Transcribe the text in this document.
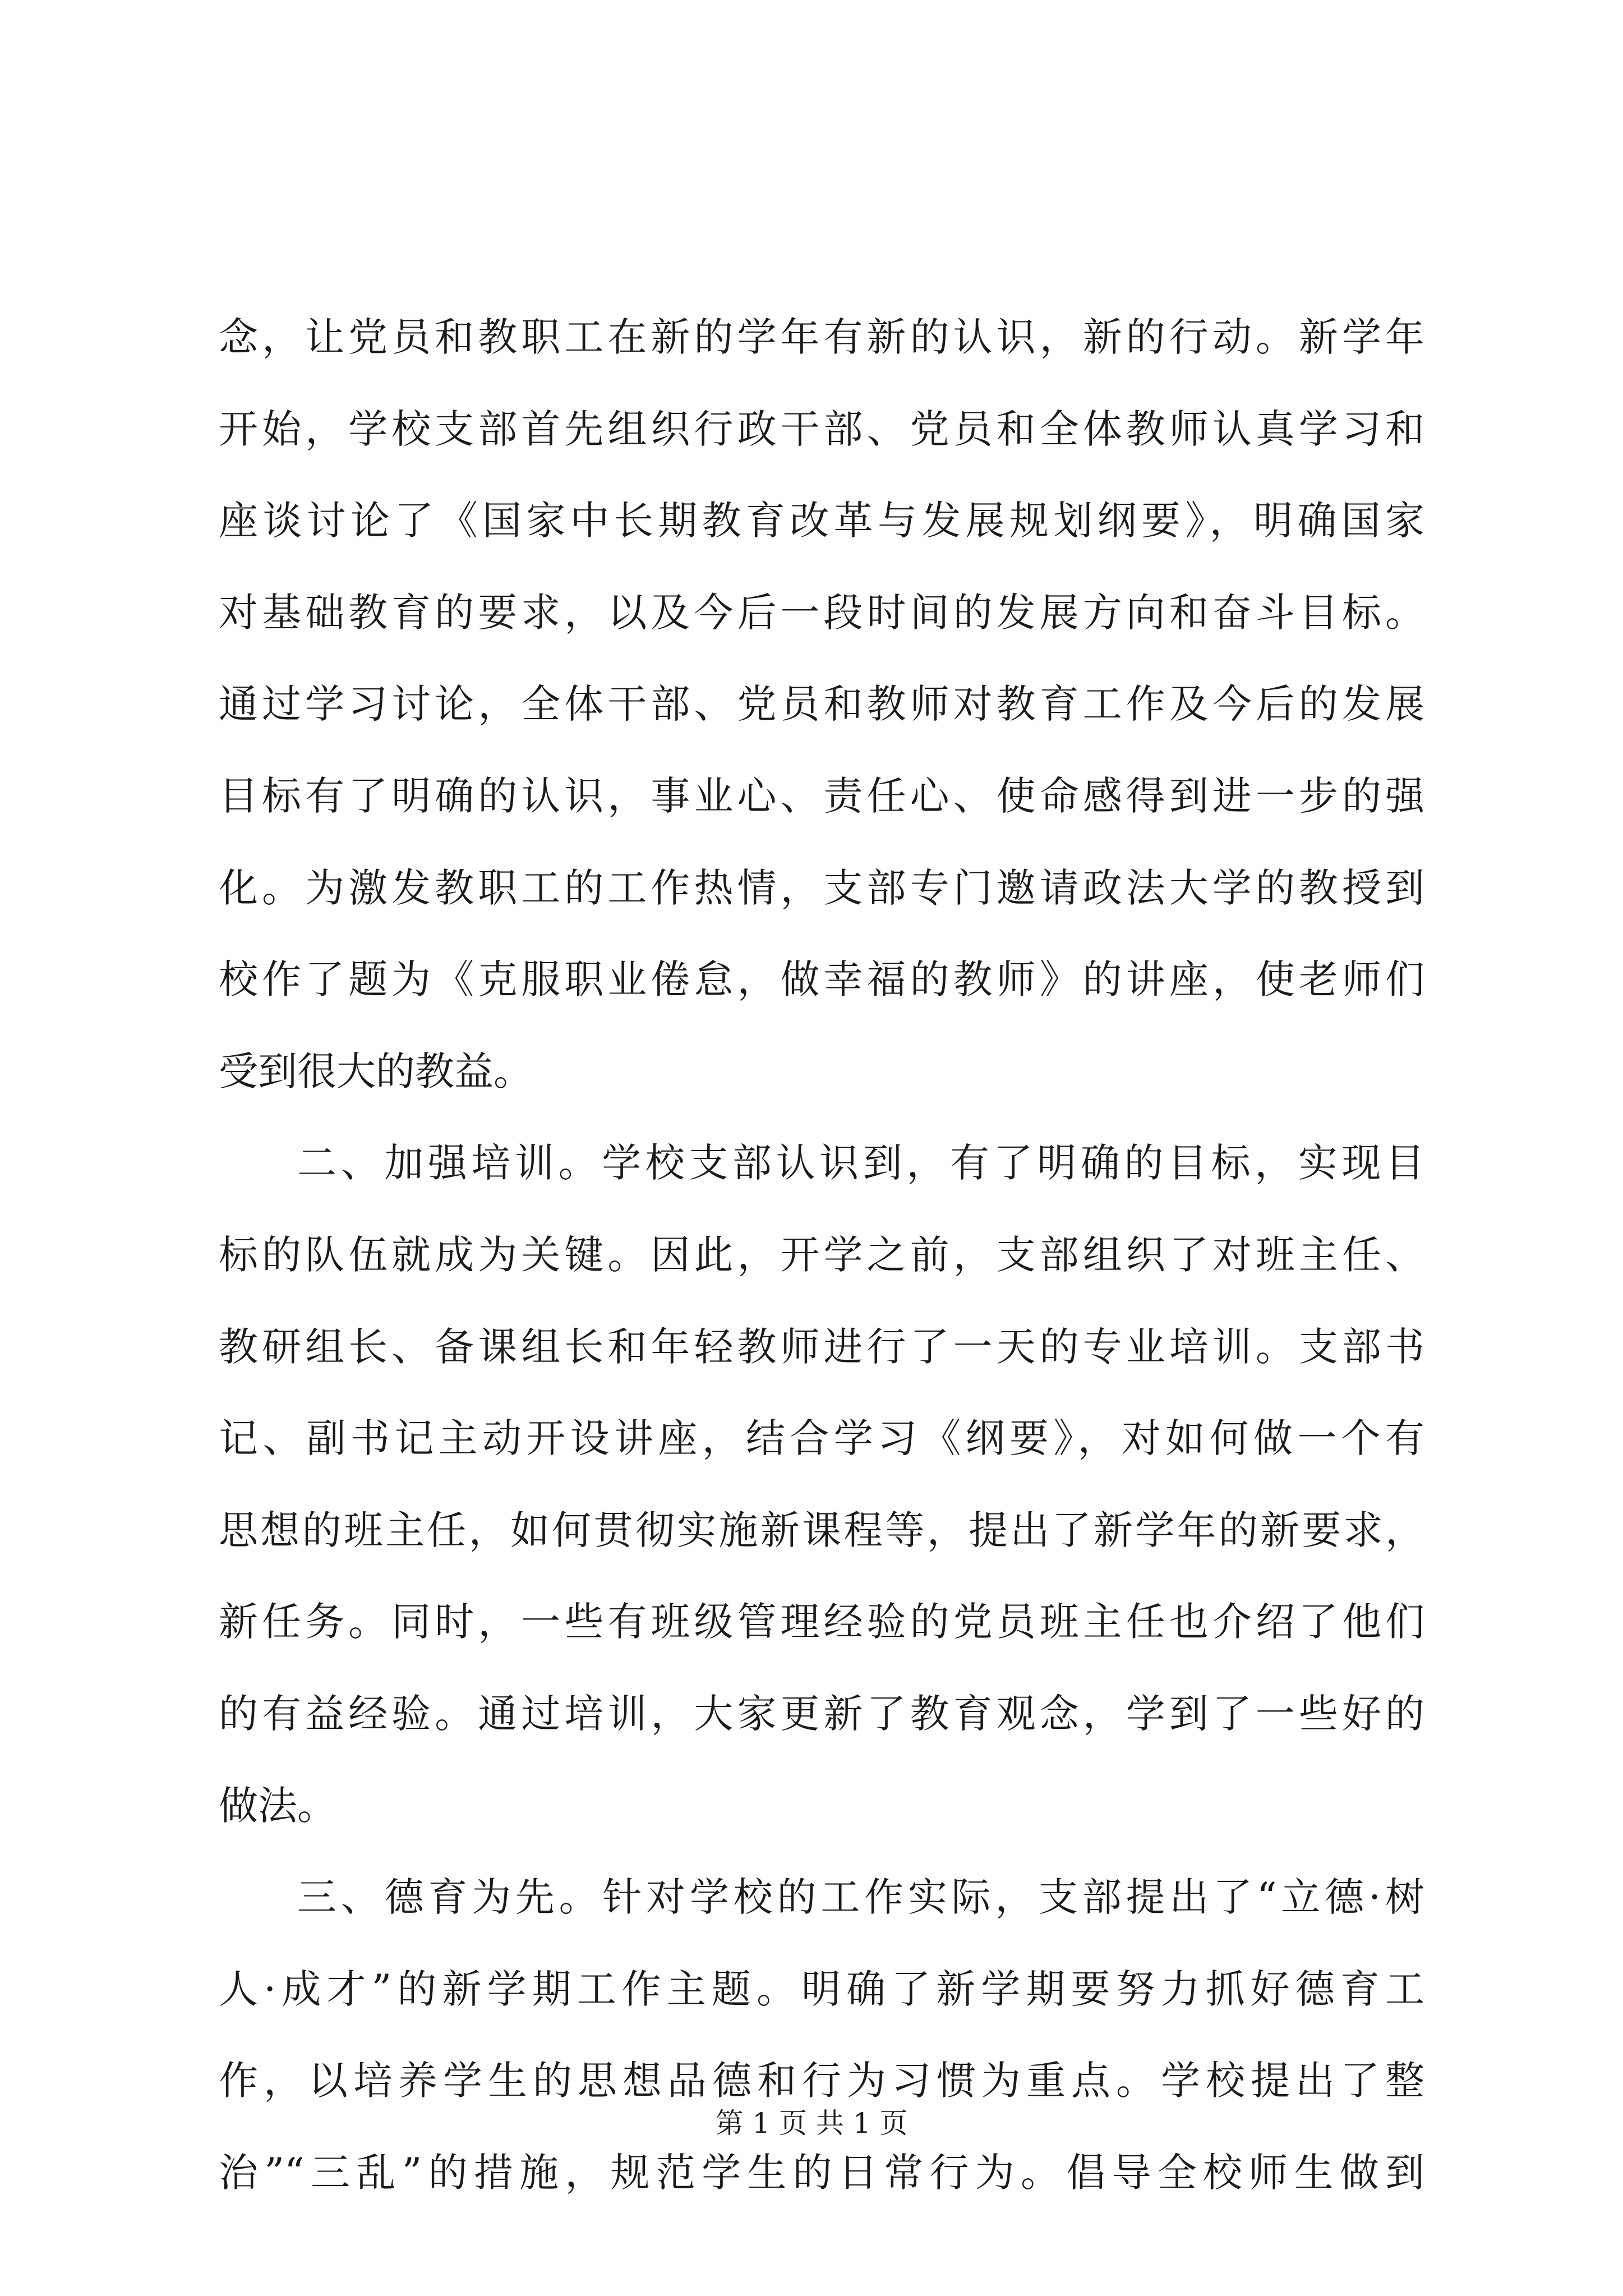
念，让党员和教职工在新的学年有新的认识，新的行动。新学年
开始，学校支部首先组织行政干部、党员和全体教师认真学习和
座谈讨论了《国家中长期教育改革与发展规划纲要》，明确国家
对基础教育的要求，以及今后一段时间的发展方向和奋斗目标。
通过学习讨论，全体干部、党员和教师对教育工作及今后的发展
目标有了明确的认识，事业心、责任心、使命感得到进一步的强
化。为激发教职工的工作热情，支部专门邀请政法大学的教授到
校作了题为《克服职业倦怠，做幸福的教师》的讲座，使老师们
受到很大的教益。
二、加强培训。学校支部认识到，有了明确的目标，实现目
标的队伍就成为关键。因此，开学之前，支部组织了对班主任、
教研组长、备课组长和年轻教师进行了一天的专业培训。支部书
记、副书记主动开设讲座，结合学习《纲要》，对如何做一个有
思想的班主任，如何贯彻实施新课程等，提出了新学年的新要求，
新任务。同时，一些有班级管理经验的党员班主任也介绍了他们
的有益经验。通过培训，大家更新了教育观念，学到了一些好的
做法。
三、德育为先。针对学校的工作实际，支部提出了“立德·树
人·成才”的新学期工作主题。明确了新学期要努力抓好德育工
作，以培养学生的思想品德和行为习惯为重点。学校提出了整
治”“三乱”的措施，规范学生的日常行为。倡导全校师生做到
第 1 页 共 1 页
